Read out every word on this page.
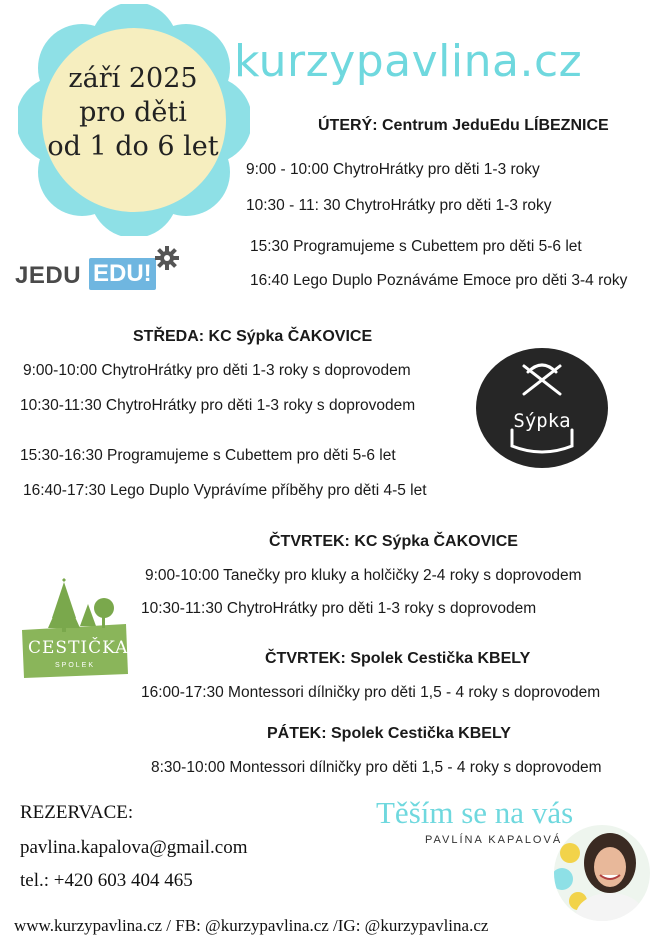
září 2025
pro děti
od 1 do 6 let
kurzypavlina.cz
ÚTERÝ: Centrum JeduEdu LÍBEZNICE
9:00 - 10:00 ChytroHrátky pro děti 1-3 roky
10:30 - 11: 30 ChytroHrátky pro děti 1-3 roky
15:30 Programujeme s Cubettem pro děti 5-6 let
16:40 Lego Duplo Poznáváme Emoce pro děti 3-4 roky
JEDU EDU!
STŘEDA: KC Sýpka ČAKOVICE
9:00-10:00 ChytroHrátky pro děti 1-3 roky s doprovodem
10:30-11:30 ChytroHrátky pro děti 1-3 roky s doprovodem
15:30-16:30 Programujeme s Cubettem pro děti 5-6 let
16:40-17:30 Lego Duplo Vyprávíme příběhy pro děti 4-5 let
Sýpka
ČTVRTEK: KC Sýpka ČAKOVICE
9:00-10:00 Tanečky pro kluky a holčičky 2-4 roky s doprovodem
10:30-11:30 ChytroHrátky pro děti 1-3 roky s doprovodem
CESTIČKA
SPOLEK	ČTVRTEK: Spolek Cestička KBELY
16:00-17:30 Montessori dílničky pro děti 1,5 - 4 roky s doprovodem
PÁTEK: Spolek Cestička KBELY
8:30-10:00 Montessori dílničky pro děti 1,5 - 4 roky s doprovodem
REZERVACE:
pavlina.kapalova@gmail.com
tel.: +420 603 404 465
Těším se na vás
PAVLÍNA KAPALOVÁ
www.kurzypavlina.cz / FB: @kurzypavlina.cz /IG: @kurzypavlina.cz
